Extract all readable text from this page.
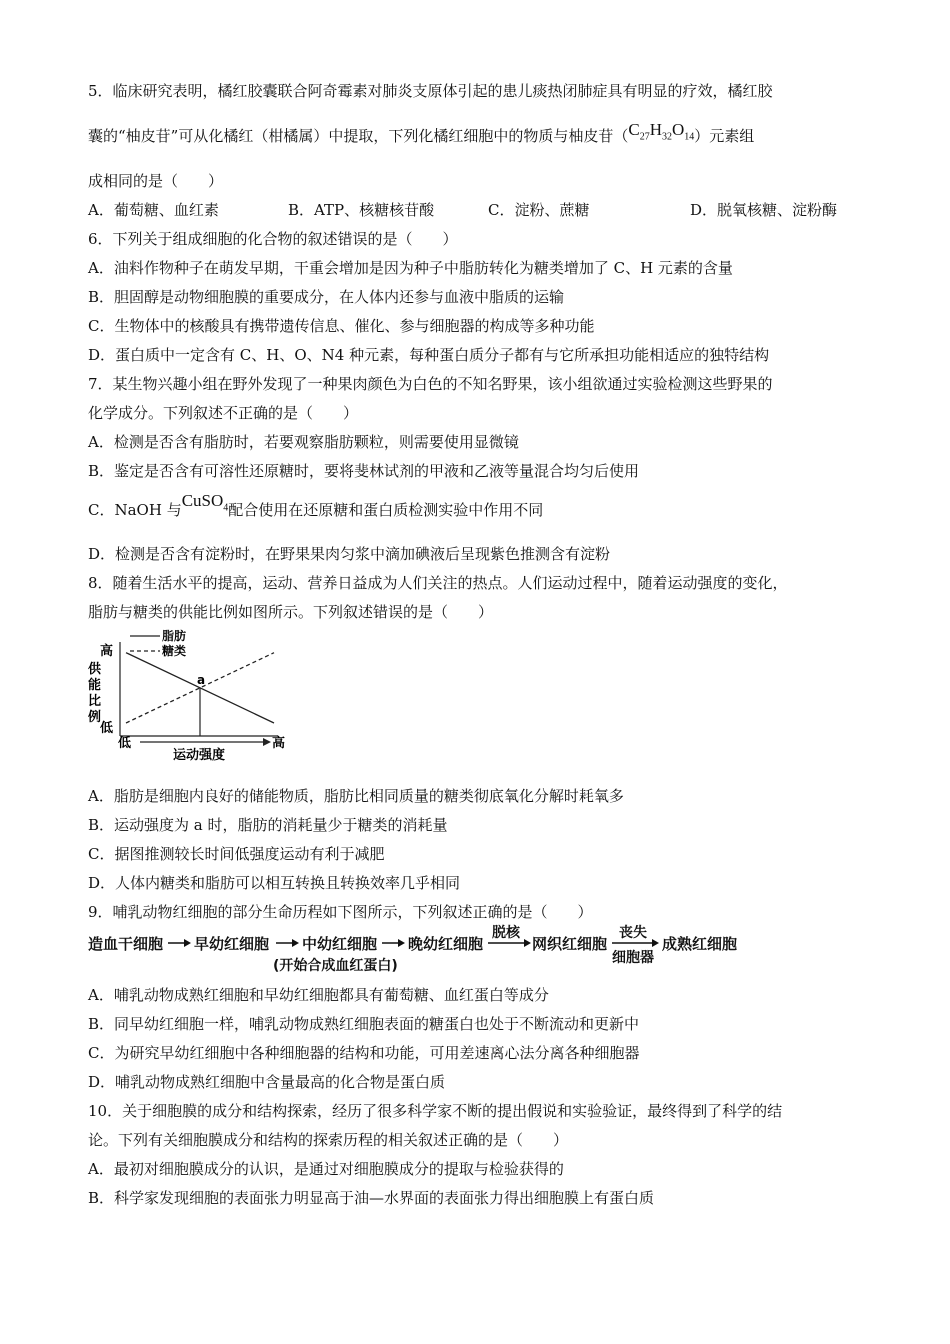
5．临床研究表明，橘红胶囊联合阿奇霉素对肺炎支原体引起的患儿痰热闭肺症具有明显的疗效，橘红胶
囊的“柚皮苷”可从化橘红（柑橘属）中提取，下列化橘红细胞中的物质与柚皮苷$(C_{27}H_{32}O_{14})$元素组
成相同的是（　　）
A．葡萄糖、血红素	B．ATP、核糖核苷酸	C．淀粉、蔗糖	D．脱氧核糖、淀粉酶
6．下列关于组成细胞的化合物的叙述错误的是（　　）
A．油料作物种子在萌发早期，干重会增加是因为种子中脂肪转化为糖类增加了 C、H 元素的含量
B．胆固醇是动物细胞膜的重要成分，在人体内还参与血液中脂质的运输
C．生物体中的核酸具有携带遗传信息、催化、参与细胞器的构成等多种功能
D．蛋白质中一定含有 C、H、O、N4 种元素，每种蛋白质分子都有与它所承担功能相适应的独特结构
7．某生物兴趣小组在野外发现了一种果肉颜色为白色的不知名野果，该小组欲通过实验检测这些野果的
化学成分。下列叙述不正确的是（　　）
A．检测是否含有脂肪时，若要观察脂肪颗粒，则需要使用显微镜
B．鉴定是否含有可溶性还原糖时，要将斐林试剂的甲液和乙液等量混合均匀后使用
C．NaOH 与CuSO$_4$配合使用在还原糖和蛋白质检测实验中作用不同
D．检测是否含有淀粉时，在野果果肉匀浆中滴加碘液后呈现紫色推测含有淀粉
8．随着生活水平的提高，运动、营养日益成为人们关注的热点。人们运动过程中，随着运动强度的变化，
脂肪与糖类的供能比例如图所示。下列叙述错误的是（　　）
脂肪
糖类
高
低
供 能 比 例
低	高
运动强度
a
A．脂肪是细胞内良好的储能物质，脂肪比相同质量的糖类彻底氧化分解时耗氧多
B．运动强度为 a 时，脂肪的消耗量少于糖类的消耗量
C．据图推测较长时间低强度运动有利于减肥
D．人体内糖类和脂肪可以相互转换且转换效率几乎相同
9．哺乳动物红细胞的部分生命历程如下图所示，下列叙述正确的是（　　）
造血干细胞 早幼红细胞 中幼红细胞 晚幼红细胞
脱核
网织红细胞
丧失
细胞器
成熟红细胞
(开始合成血红蛋白)
A．哺乳动物成熟红细胞和早幼红细胞都具有葡萄糖、血红蛋白等成分
B．同早幼红细胞一样，哺乳动物成熟红细胞表面的糖蛋白也处于不断流动和更新中
C．为研究早幼红细胞中各种细胞器的结构和功能，可用差速离心法分离各种细胞器
D．哺乳动物成熟红细胞中含量最高的化合物是蛋白质
10．关于细胞膜的成分和结构探索，经历了很多科学家不断的提出假说和实验验证，最终得到了科学的结
论。下列有关细胞膜成分和结构的探索历程的相关叙述正确的是（　　）
A．最初对细胞膜成分的认识，是通过对细胞膜成分的提取与检验获得的
B．科学家发现细胞的表面张力明显高于油—水界面的表面张力得出细胞膜上有蛋白质
